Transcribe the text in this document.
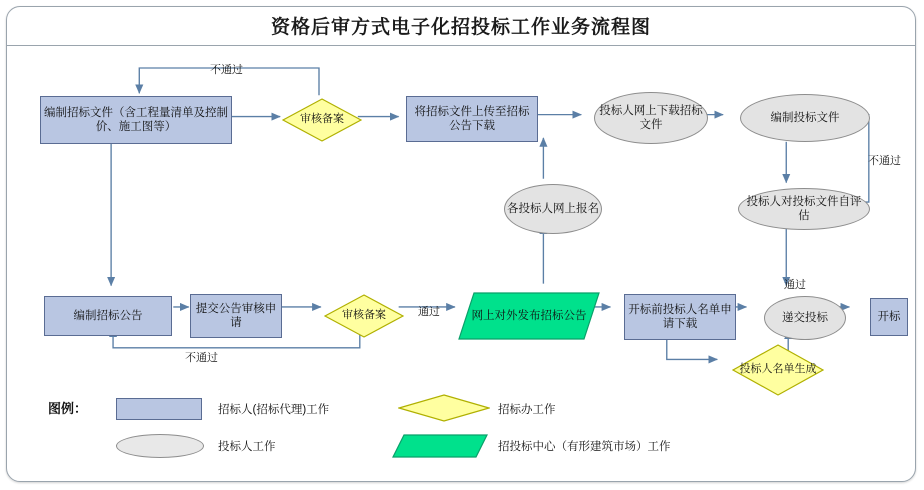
资格后审方式电子化招投标工作业务流程图
编制招标文件（含工程量清单及控制价、施工图等）
审核备案
将招标文件上传至招标公告下载
投标人网上下载招标文件
编制投标文件
投标人对投标文件自评估
各投标人网上报名
编制招标公告
提交公告审核申请
审核备案	网上对外发布招标公告
开标前投标人名单申请下载
递交投标	开标
投标人名单生成
不通过
不通过
不通过
通过
通过
图例：	招标人(招标代理)工作	招标办工作
投标人工作	招投标中心（有形建筑市场）工作
